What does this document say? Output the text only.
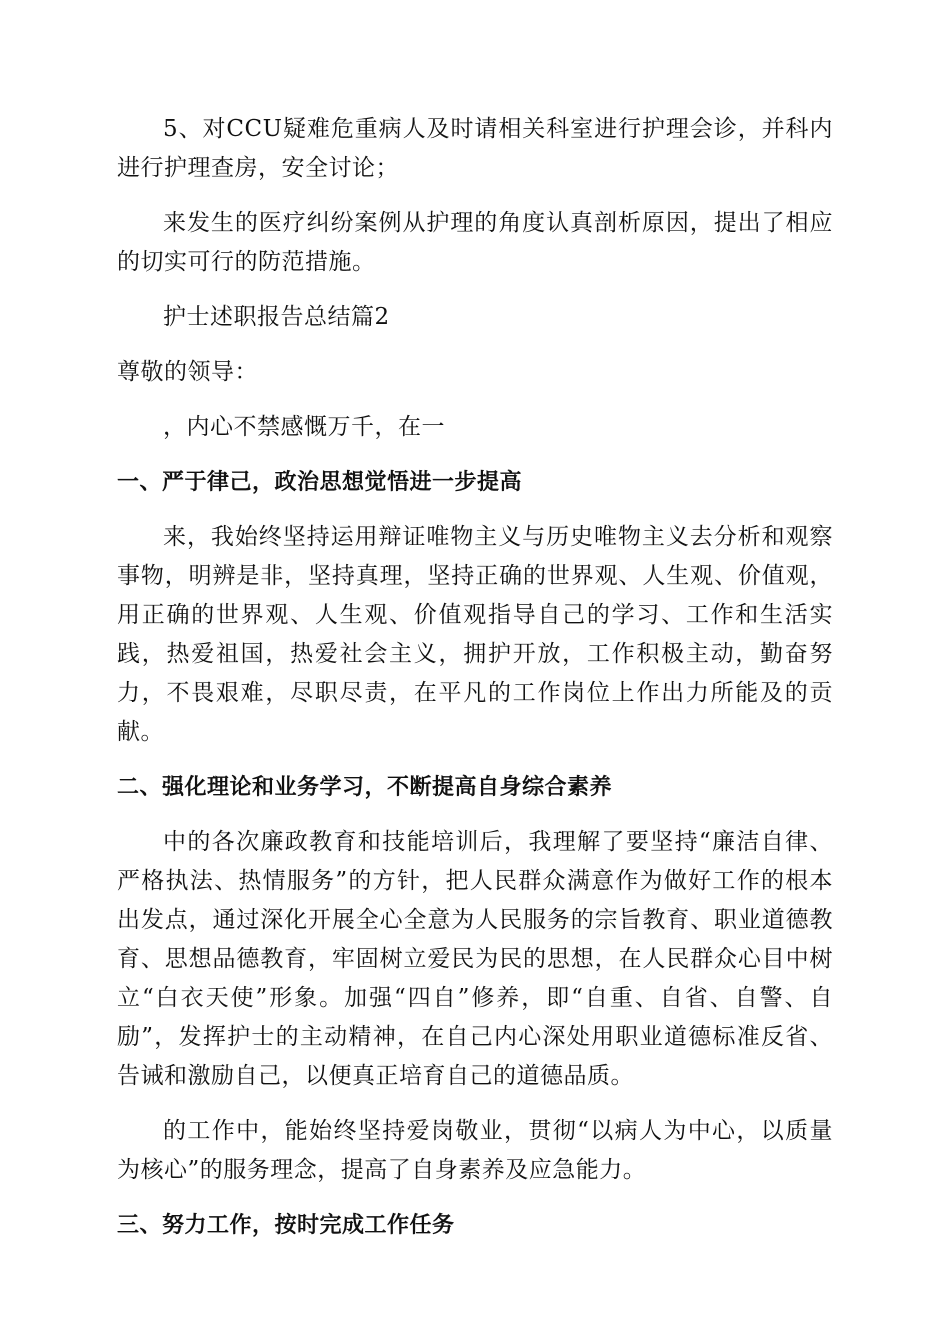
5、对CCU疑难危重病人及时请相关科室进行护理会诊，并科内进行护理查房，安全讨论；

来发生的医疗纠纷案例从护理的角度认真剖析原因，提出了相应的切实可行的防范措施。

护士述职报告总结篇2

尊敬的领导：

，内心不禁感慨万千，在一

一、严于律己，政治思想觉悟进一步提高

来，我始终坚持运用辩证唯物主义与历史唯物主义去分析和观察事物，明辨是非，坚持真理，坚持正确的世界观、人生观、价值观，用正确的世界观、人生观、价值观指导自己的学习、工作和生活实践，热爱祖国，热爱社会主义，拥护开放，工作积极主动，勤奋努力，不畏艰难，尽职尽责，在平凡的工作岗位上作出力所能及的贡献。

二、强化理论和业务学习，不断提高自身综合素养

中的各次廉政教育和技能培训后，我理解了要坚持“廉洁自律、严格执法、热情服务”的方针，把人民群众满意作为做好工作的根本出发点，通过深化开展全心全意为人民服务的宗旨教育、职业道德教育、思想品德教育，牢固树立爱民为民的思想，在人民群众心目中树立“白衣天使”形象。加强“四自”修养，即“自重、自省、自警、自励”，发挥护士的主动精神，在自己内心深处用职业道德标准反省、告诫和激励自己，以便真正培育自己的道德品质。

的工作中，能始终坚持爱岗敬业，贯彻“以病人为中心，以质量为核心”的服务理念，提高了自身素养及应急能力。

三、努力工作，按时完成工作任务
